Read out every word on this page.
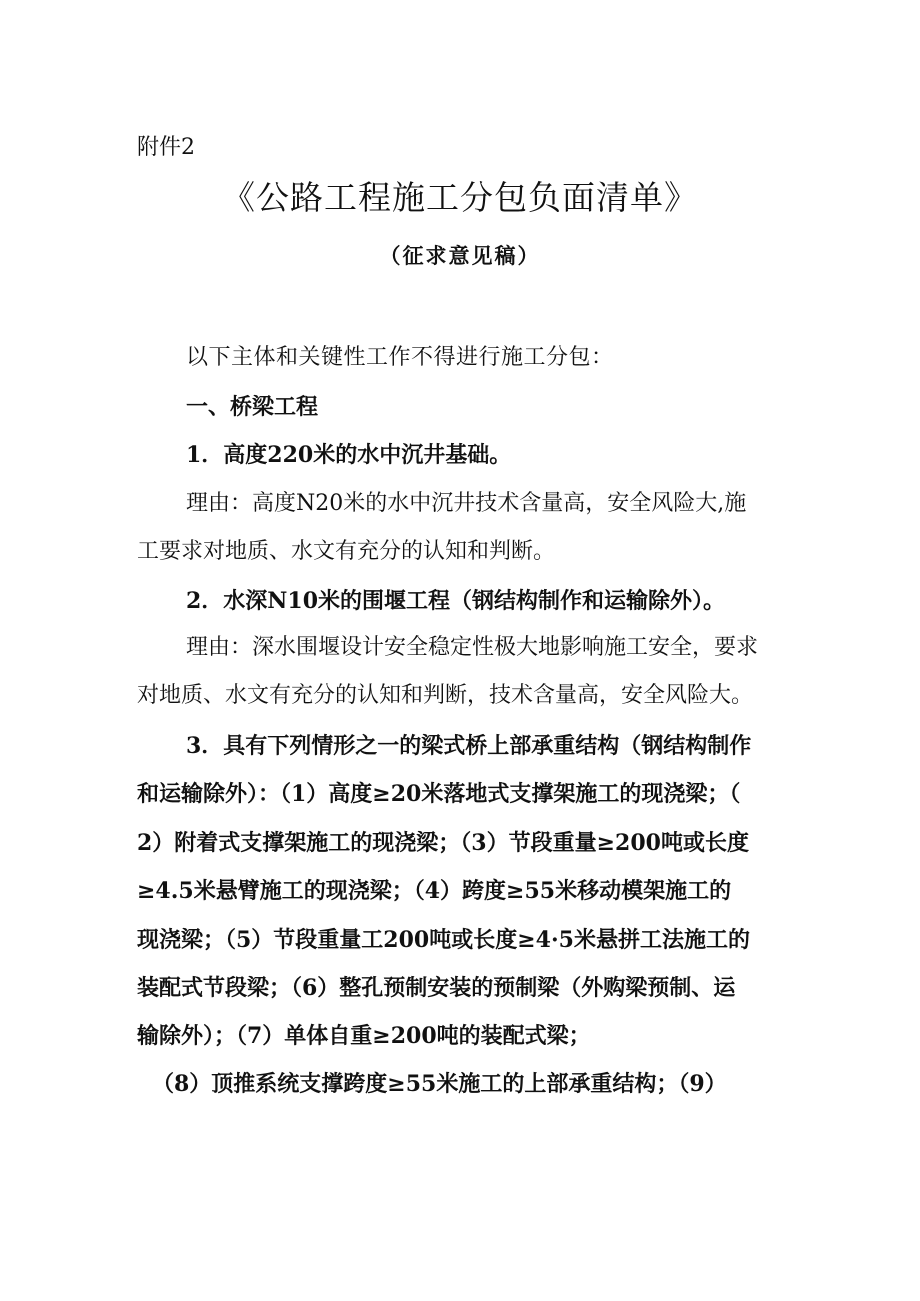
附件2
《公路工程施工分包负面清单》
（征求意见稿）
以下主体和关键性工作不得进行施工分包：
一、桥梁工程
1．高度220米的水中沉井基础。
理由：高度N20米的水中沉井技术含量高，安全风险大,施
工要求对地质、水文有充分的认知和判断。
2．水深N10米的围堰工程（钢结构制作和运输除外）。
理由：深水围堰设计安全稳定性极大地影响施工安全，要求
对地质、水文有充分的认知和判断，技术含量高，安全风险大。
3．具有下列情形之一的梁式桥上部承重结构（钢结构制作
和运输除外）：（1）高度≥20米落地式支撑架施工的现浇梁；（
2）附着式支撑架施工的现浇梁；（3）节段重量≥200吨或长度
≥4.5米悬臂施工的现浇梁；（4）跨度≥55米移动模架施工的
现浇梁；（5）节段重量工200吨或长度≥4·5米悬拼工法施工的
装配式节段梁；（6）整孔预制安装的预制梁（外购梁预制、运
输除外）；（7）单体自重≥200吨的装配式梁；
（8）顶推系统支撑跨度≥55米施工的上部承重结构；（9）
